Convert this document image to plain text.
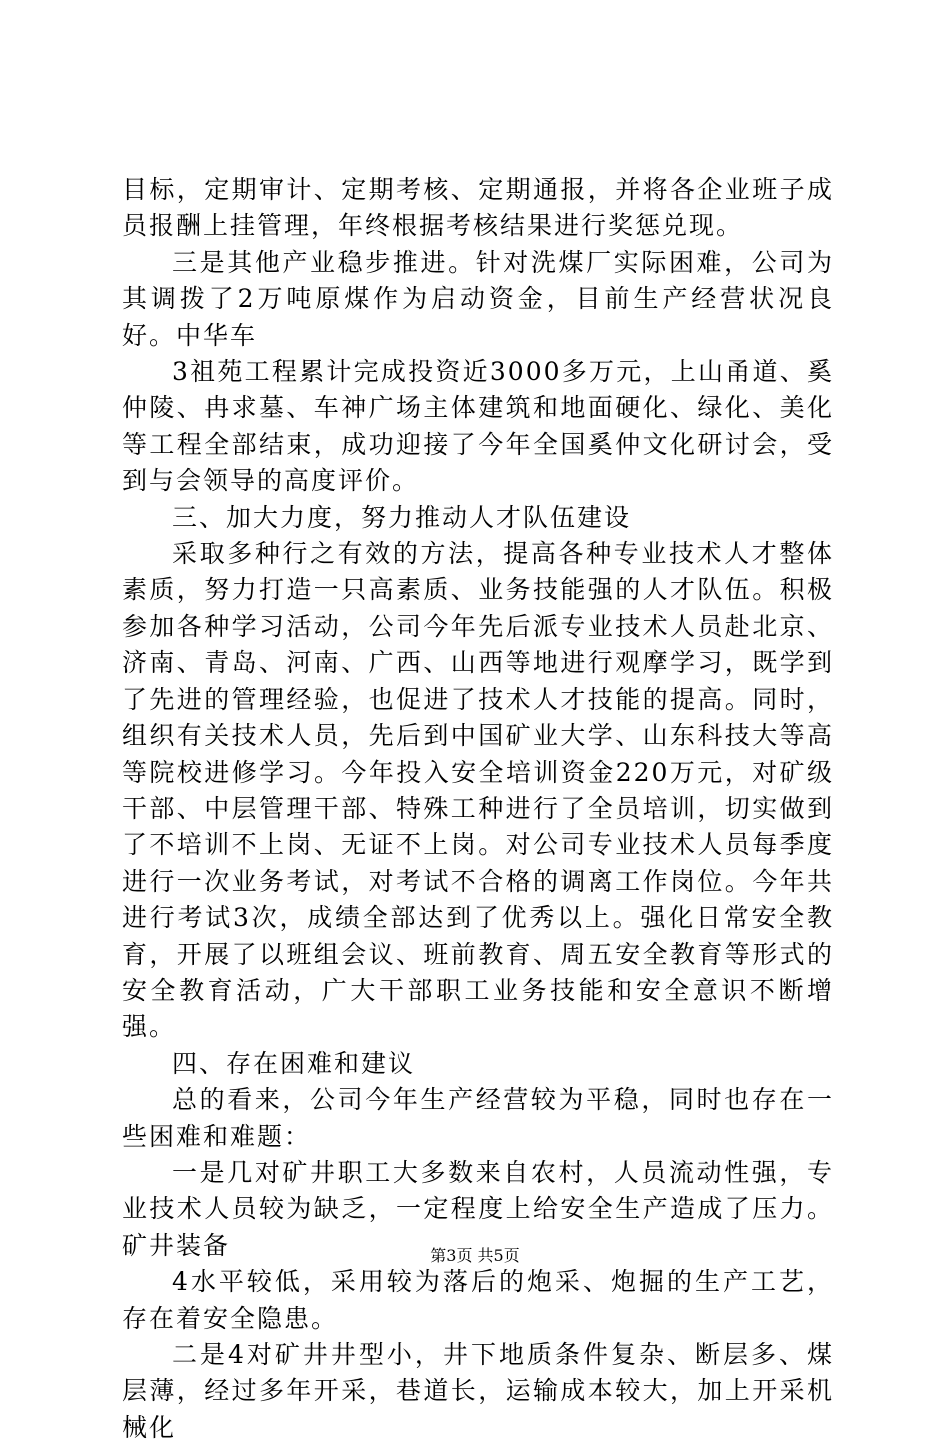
目标，定期审计、定期考核、定期通报，并将各企业班子成员报酬上挂管理，年终根据考核结果进行奖惩兑现。

三是其他产业稳步推进。针对洗煤厂实际困难，公司为其调拨了2万吨原煤作为启动资金，目前生产经营状况良好。中华车

3祖苑工程累计完成投资近3000多万元，上山甬道、奚仲陵、冉求墓、车神广场主体建筑和地面硬化、绿化、美化等工程全部结束，成功迎接了今年全国奚仲文化研讨会，受到与会领导的高度评价。

三、加大力度，努力推动人才队伍建设

采取多种行之有效的方法，提高各种专业技术人才整体素质，努力打造一只高素质、业务技能强的人才队伍。积极参加各种学习活动，公司今年先后派专业技术人员赴北京、济南、青岛、河南、广西、山西等地进行观摩学习，既学到了先进的管理经验，也促进了技术人才技能的提高。同时，组织有关技术人员，先后到中国矿业大学、山东科技大等高等院校进修学习。今年投入安全培训资金220万元，对矿级干部、中层管理干部、特殊工种进行了全员培训，切实做到了不培训不上岗、无证不上岗。对公司专业技术人员每季度进行一次业务考试，对考试不合格的调离工作岗位。今年共进行考试3次，成绩全部达到了优秀以上。强化日常安全教育，开展了以班组会议、班前教育、周五安全教育等形式的安全教育活动，广大干部职工业务技能和安全意识不断增强。

四、存在困难和建议

总的看来，公司今年生产经营较为平稳，同时也存在一些困难和难题：

一是几对矿井职工大多数来自农村，人员流动性强，专业技术人员较为缺乏，一定程度上给安全生产造成了压力。矿井装备

4水平较低，采用较为落后的炮采、炮掘的生产工艺，存在着安全隐患。

二是4对矿井井型小，井下地质条件复杂、断层多、煤层薄，经过多年开采，巷道长，运输成本较大，加上开采机械化

第3页 共5页
